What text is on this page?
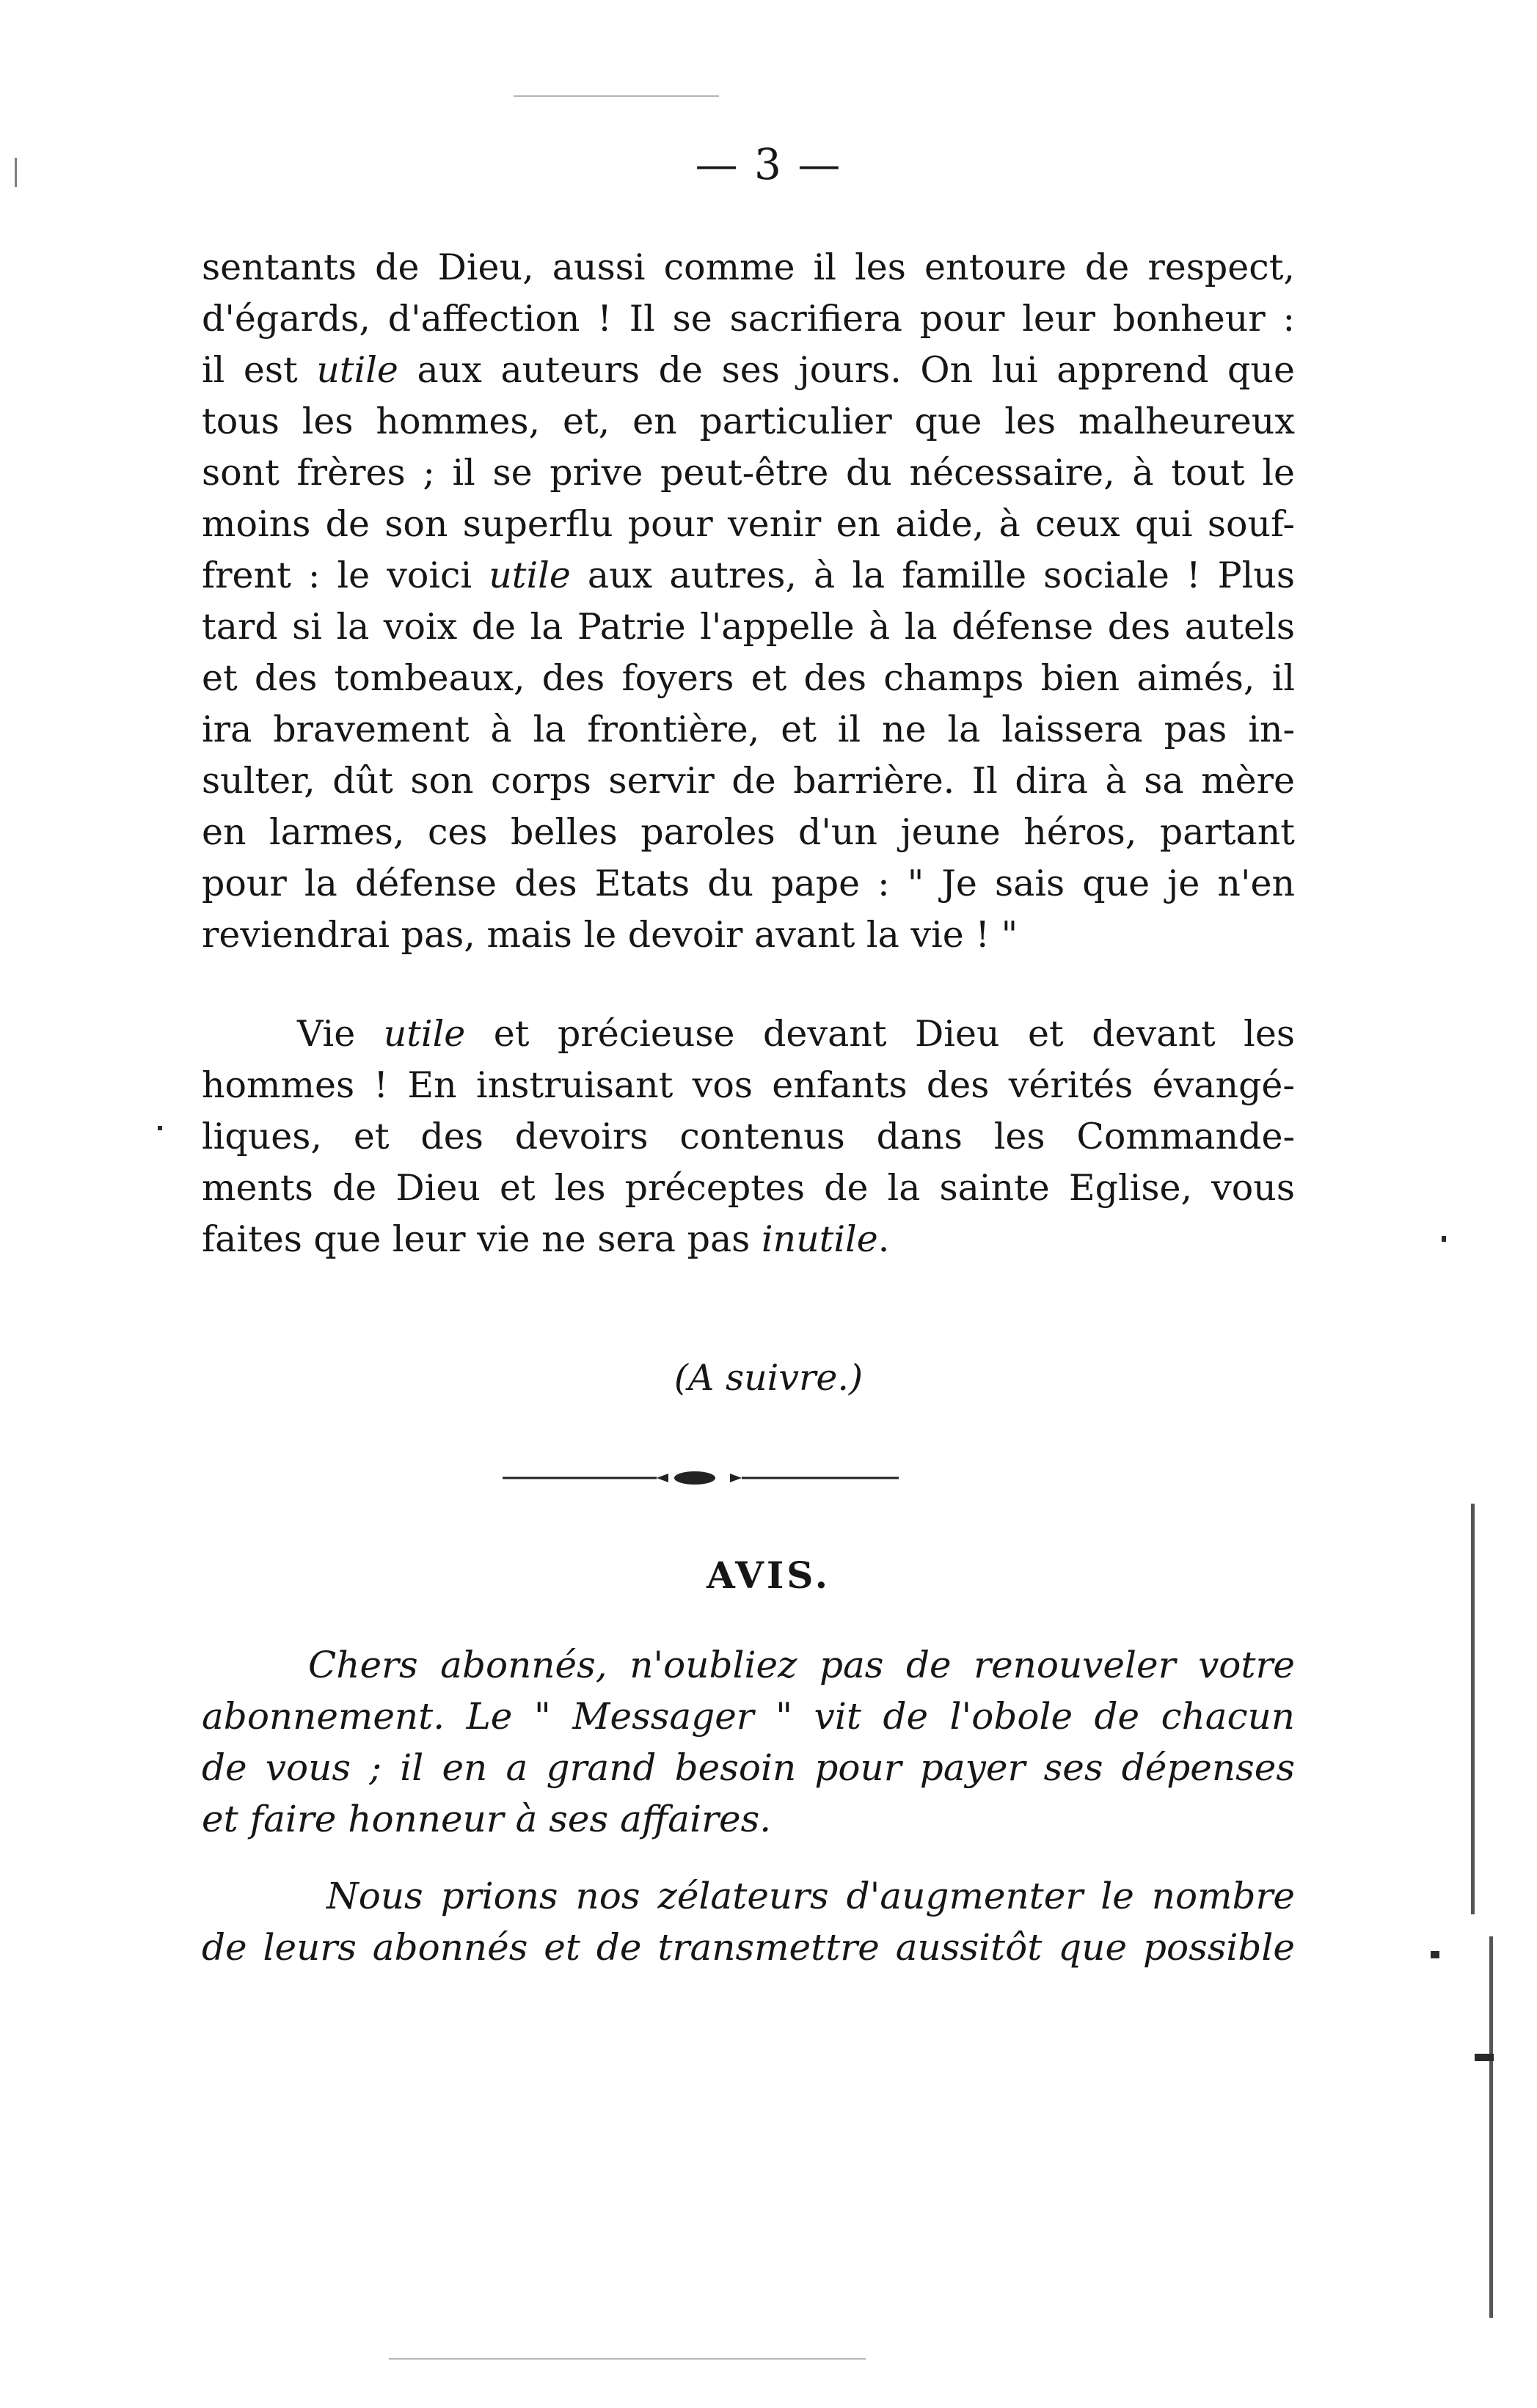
— 3 —
sentants de Dieu, aussi comme il les entoure de respect,
d'égards, d'affection ! Il se sacrifiera pour leur bonheur :
il est utile aux auteurs de ses jours. On lui apprend que
tous les hommes, et, en particulier que les malheureux
sont frères ; il se prive peut-être du nécessaire, à tout le
moins de son superflu pour venir en aide, à ceux qui souf-
frent : le voici utile aux autres, à la famille sociale ! Plus
tard si la voix de la Patrie l'appelle à la défense des autels
et des tombeaux, des foyers et des champs bien aimés, il
ira bravement à la frontière, et il ne la laissera pas in-
sulter, dût son corps servir de barrière. Il dira à sa mère
en larmes, ces belles paroles d'un jeune héros, partant
pour la défense des Etats du pape : " Je sais que je n'en
reviendrai pas, mais le devoir avant la vie ! "
Vie utile et précieuse devant Dieu et devant les
hommes ! En instruisant vos enfants des vérités évangé-
liques, et des devoirs contenus dans les Commande-
ments de Dieu et les préceptes de la sainte Eglise, vous
faites que leur vie ne sera pas inutile.
(A suivre.)
AVIS.
Chers abonnés, n'oubliez pas de renouveler votre
abonnement. Le " Messager " vit de l'obole de chacun
de vous ; il en a grand besoin pour payer ses dépenses
et faire honneur à ses affaires.
Nous prions nos zélateurs d'augmenter le nombre
de leurs abonnés et de transmettre aussitôt que possible
